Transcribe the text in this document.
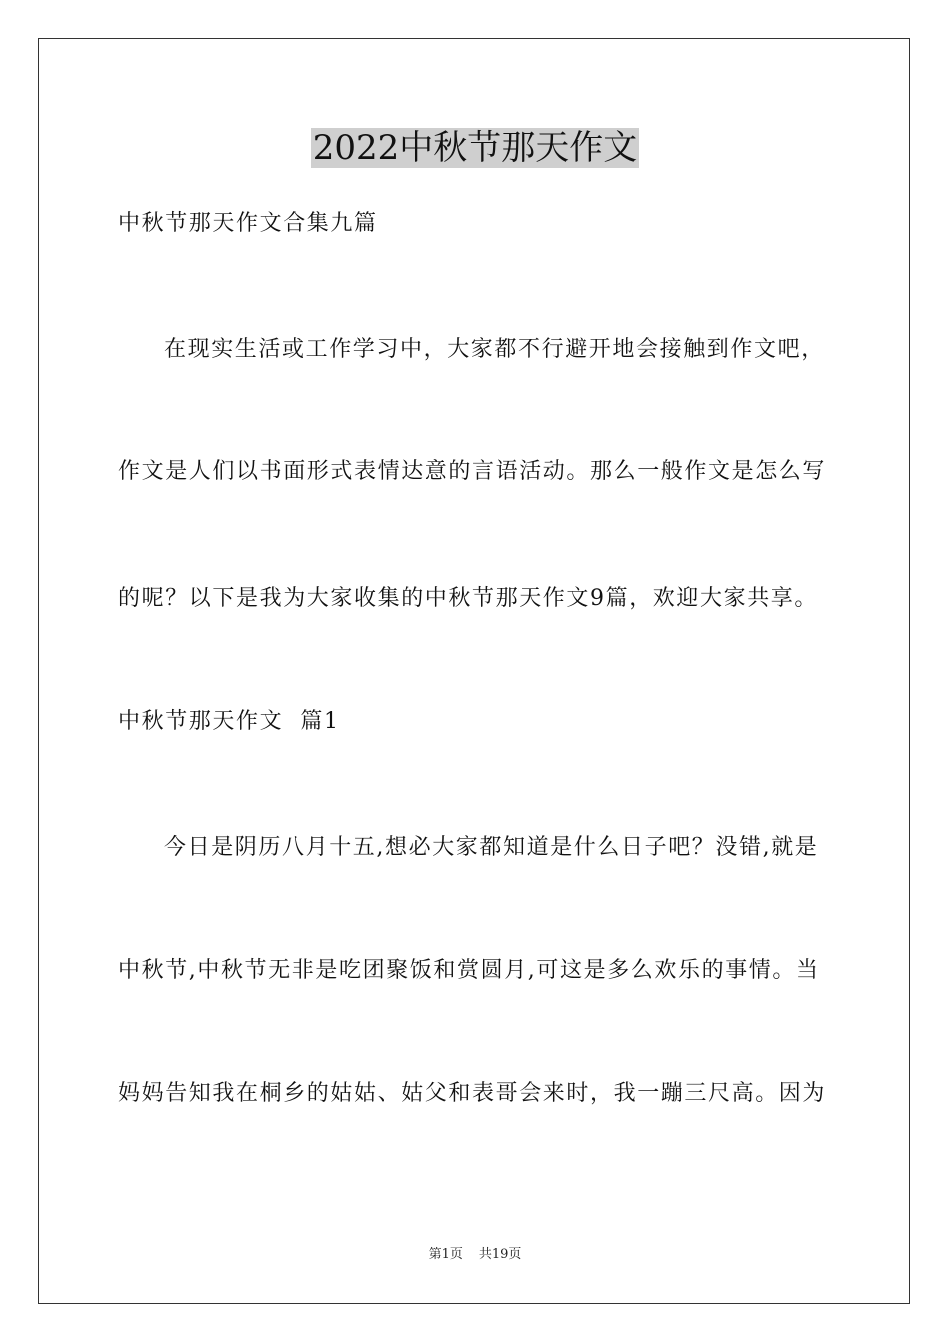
2022中秋节那天作文
中秋节那天作文合集九篇
在现实生活或工作学习中，大家都不行避开地会接触到作文吧，
作文是人们以书面形式表情达意的言语活动。那么一般作文是怎么写
的呢？以下是我为大家收集的中秋节那天作文9篇，欢迎大家共享。
中秋节那天作文  篇1
今日是阴历八月十五,想必大家都知道是什么日子吧？没错,就是
中秋节,中秋节无非是吃团聚饭和赏圆月,可这是多么欢乐的事情。当
妈妈告知我在桐乡的姑姑、姑父和表哥会来时，我一蹦三尺高。因为
第1页 共19页
